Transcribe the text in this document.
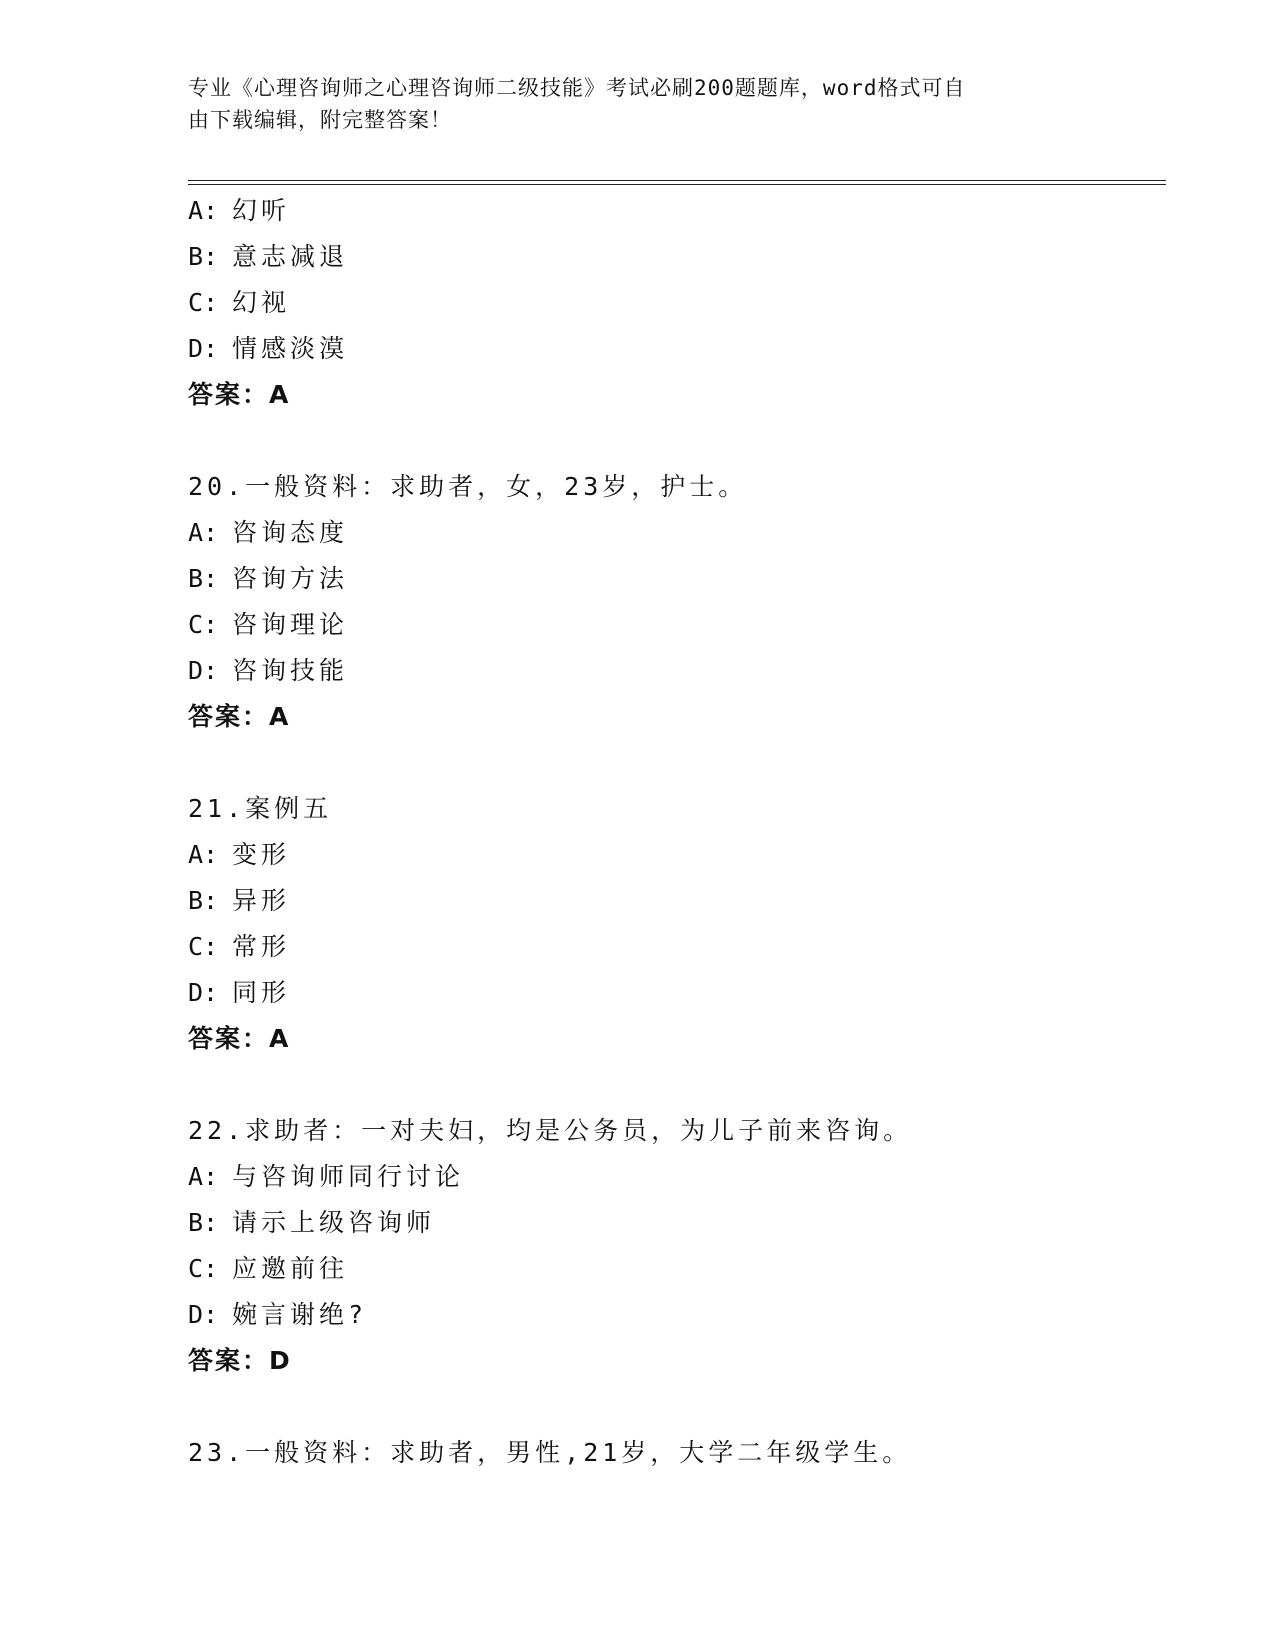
专业《心理咨询师之心理咨询师二级技能》考试必刷200题题库，word格式可自
由下载编辑，附完整答案！
A: 幻听
B: 意志减退
C: 幻视
D: 情感淡漠
答案：A
20.一般资料：求助者，女，23岁，护士。
A: 咨询态度
B: 咨询方法
C: 咨询理论
D: 咨询技能
答案：A
21.案例五
A: 变形
B: 异形
C: 常形
D: 同形
答案：A
22.求助者：一对夫妇，均是公务员，为儿子前来咨询。
A: 与咨询师同行讨论
B: 请示上级咨询师
C: 应邀前往
D: 婉言谢绝?
答案：D
23.一般资料：求助者，男性,21岁，大学二年级学生。
